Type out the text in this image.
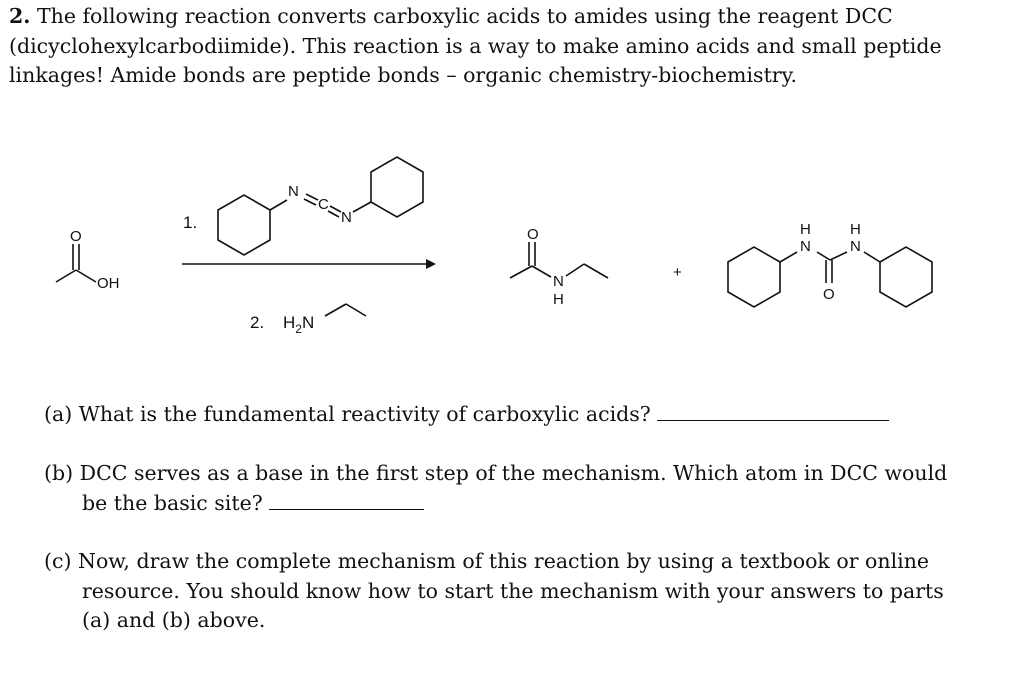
2. The following reaction converts carboxylic acids to amides using the reagent DCC (dicyclohexylcarbodiimide). This reaction is a way to make amino acids and small peptide linkages! Amide bonds are peptide bonds – organic chemistry-biochemistry.

O
OH
1.
N
C
N
2. $H_2N$
O
N
H
+
H
N
H
N
O

(a) What is the fundamental reactivity of carboxylic acids?

(b) DCC serves as a base in the first step of the mechanism. Which atom in DCC would
be the basic site?

(c) Now, draw the complete mechanism of this reaction by using a textbook or online
resource. You should know how to start the mechanism with your answers to parts
(a) and (b) above.
